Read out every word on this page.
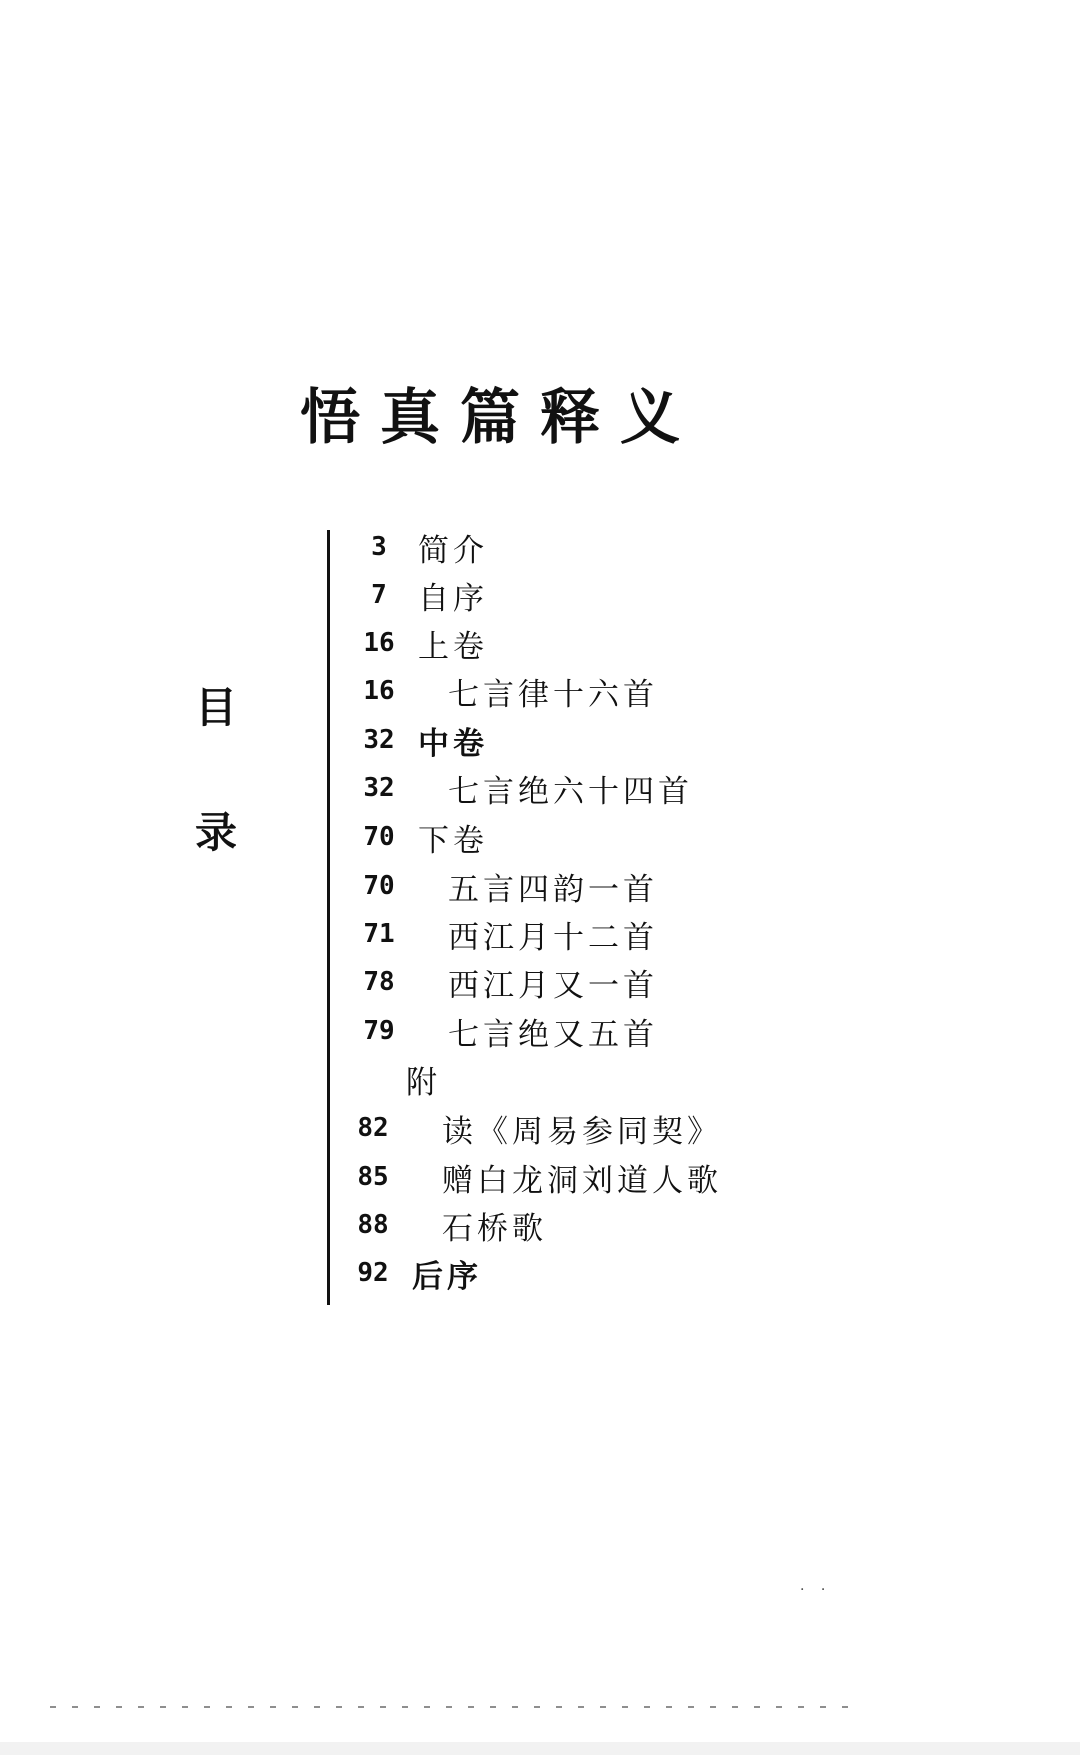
悟真篇释义
目
录
3	简介
7	自序
16 上卷
16	七言律十六首
32 中卷
32	七言绝六十四首
70 下卷
70	五言四韵一首
71	西江月十二首
78	西江月又一首
79	七言绝又五首
附
82	读《周易参同契》
85	赠白龙洞刘道人歌
88	石桥歌
92 后序
· ·
